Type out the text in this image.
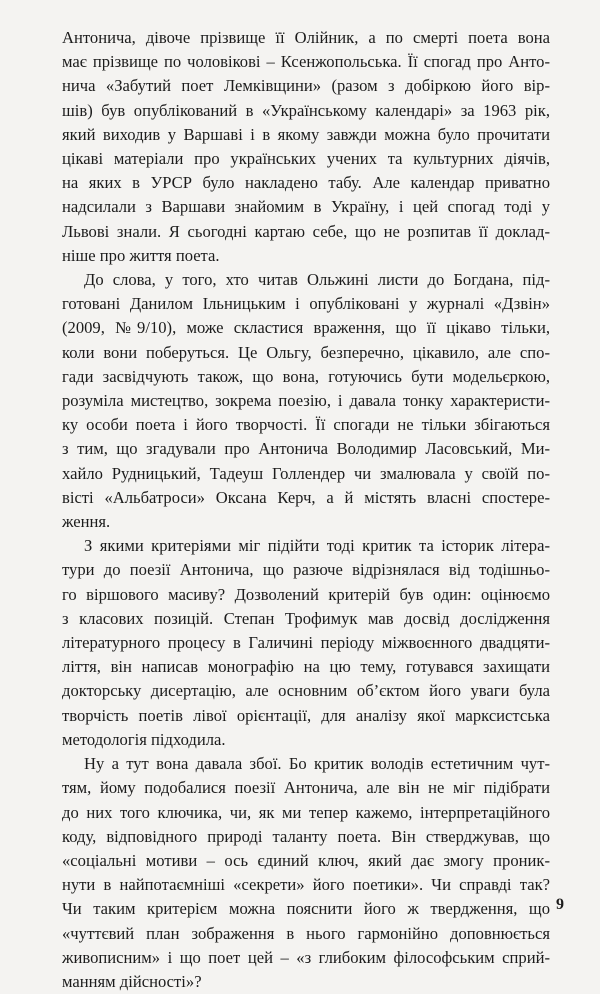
Антонича, дівоче прізвище її Олійник, а по смерті поета вона
має прізвище по чоловікові – Ксенжопольська. Її спогад про Анто-
нича «Забутий поет Лемківщини» (разом з добіркою його вір-
шів) був опублікований в «Українському календарі» за 1963 рік,
який виходив у Варшаві і в якому завжди можна було прочитати
цікаві матеріали про українських учених та культурних діячів,
на яких в УРСР було накладено табу. Але календар приватно
надсилали з Варшави знайомим в Україну, і цей спогад тоді у
Львові знали. Я сьогодні картаю себе, що не розпитав її доклад-
ніше про життя поета.

До слова, у того, хто читав Ольжині листи до Богдана, під-
готовані Данилом Ільницьким і опубліковані у журналі «Дзвін»
(2009, №9/10), може скластися враження, що її цікаво тільки,
коли вони поберуться. Це Ольгу, безперечно, цікавило, але спо-
гади засвідчують також, що вона, готуючись бути модельєркою,
розуміла мистецтво, зокрема поезію, і давала тонку характеристи-
ку особи поета і його творчості. Її спогади не тільки збігаються
з тим, що згадували про Антонича Володимир Ласовський, Ми-
хайло Рудницький, Тадеуш Голлендер чи змалювала у своїй по-
вісті «Альбатроси» Оксана Керч, а й містять власні спостере-
ження.

З якими критеріями міг підійти тоді критик та історик літера-
тури до поезії Антонича, що разюче відрізнялася від тодішньо-
го віршового масиву? Дозволений критерій був один: оцінюємо
з класових позицій. Степан Трофимук мав досвід дослідження
літературного процесу в Галичині періоду міжвоєнного двадцяти-
ліття, він написав монографію на цю тему, готувався захищати
докторську дисертацію, але основним об’єктом його уваги була
творчість поетів лівої орієнтації, для аналізу якої марксистська
методологія підходила.

Ну а тут вона давала збої. Бо критик володів естетичним чут-
тям, йому подобалися поезії Антонича, але він не міг підібрати
до них того ключика, чи, як ми тепер кажемо, інтерпретаційного
коду, відповідного природі таланту поета. Він стверджував, що
«соціальні мотиви – ось єдиний ключ, який дає змогу проник-
нути в найпотаємніші «секрети» його поетики». Чи справді так?
Чи таким критерієм можна пояснити його ж твердження, що
«чуттєвий план зображення в нього гармонійно доповнюється
живописним» і що поет цей – «з глибоким філософським сприй-
манням дійсності»?

9
